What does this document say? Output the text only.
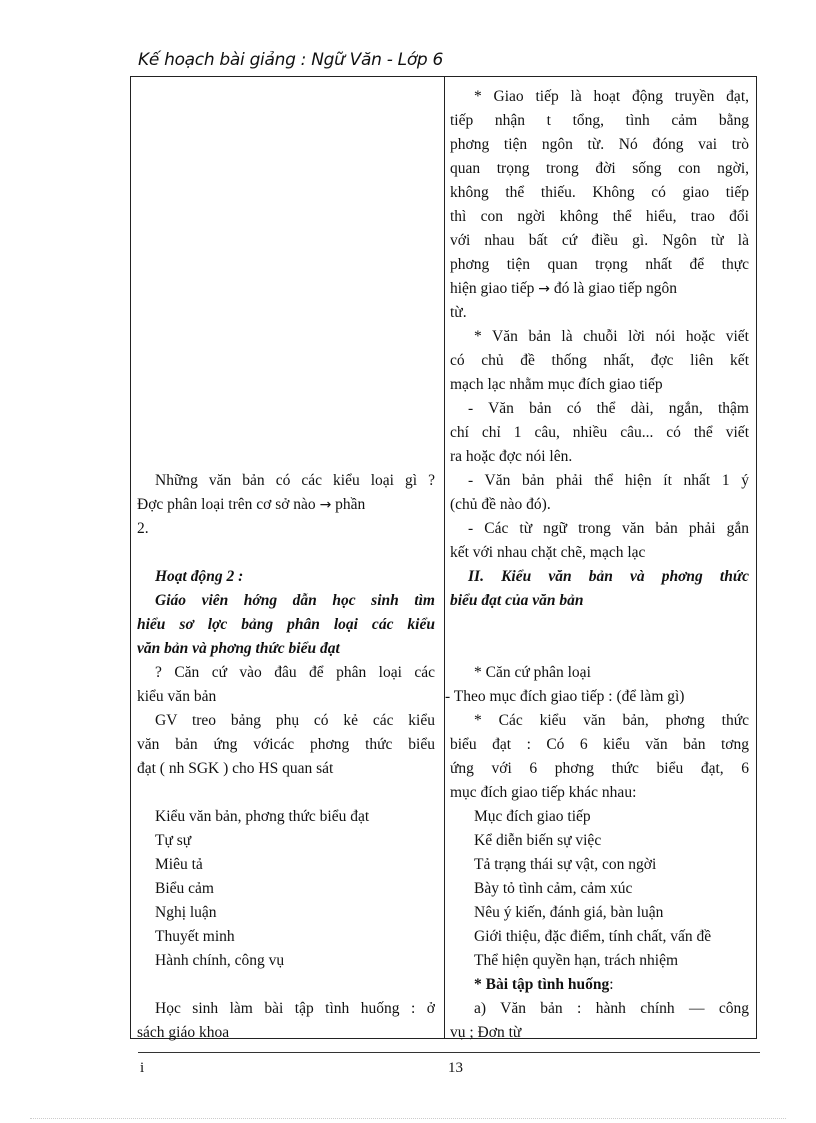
Kế hoạch bài giảng : Ngữ Văn - Lớp 6
* Giao tiếp là hoạt động truyền đạt,
tiếp nhận t tổng, tình cảm bằng
phơng tiện ngôn từ. Nó đóng vai trò
quan trọng trong đời sống con ngời,
không thể thiếu. Không có giao tiếp
thì con ngời không thể hiểu, trao đổi
với nhau bất cứ điều gì. Ngôn từ là
phơng tiện quan trọng nhất để thực
hiện giao tiếp → đó là giao tiếp ngôn
từ.
* Văn bản là chuỗi lời nói hoặc viết
có chủ đề thống nhất, đợc liên kết
mạch lạc nhằm mục đích giao tiếp
- Văn bản có thể dài, ngắn, thậm
chí chỉ 1 câu, nhiều câu... có thể viết
ra hoặc đợc nói lên.
- Văn bản phải thể hiện ít nhất 1 ý
(chủ đề nào đó).
- Các từ ngữ trong văn bản phải gắn
kết với nhau chặt chẽ, mạch lạc
II. Kiểu văn bản và phơng thức
biểu đạt của văn bản
* Căn cứ phân loại
- Theo mục đích giao tiếp : (để làm gì)
* Các kiểu văn bản, phơng thức
biểu đạt : Có 6 kiểu văn bản tơng
ứng với 6 phơng thức biểu đạt, 6
mục đích giao tiếp khác nhau:
Mục đích giao tiếp
Kể diễn biến sự việc
Tả trạng thái sự vật, con ngời
Bày tỏ tình cảm, cảm xúc
Nêu ý kiến, đánh giá, bàn luận
Giới thiệu, đặc điểm, tính chất, vấn đề
Thể hiện quyền hạn, trách nhiệm
* Bài tập tình huống:
a) Văn bản : hành chính — công
vụ ; Đơn từ
Những văn bản có các kiểu loại gì ?
Đợc phân loại trên cơ sở nào → phần
2.
Hoạt động 2 :
Giáo viên hớng dẫn học sinh tìm
hiểu sơ lợc bảng phân loại các kiểu
văn bản và phơng thức biểu đạt
? Căn cứ vào đâu để phân loại các
kiểu văn bản
GV treo bảng phụ có kẻ các kiểu
văn bản ứng vớicác phơng thức biểu
đạt ( nh SGK ) cho HS quan sát
Kiểu văn bản, phơng thức biểu đạt
Tự sự
Miêu tả
Biểu cảm
Nghị luận
Thuyết minh
Hành chính, công vụ
Học sinh làm bài tập tình huống : ở
sách giáo khoa
i	13
